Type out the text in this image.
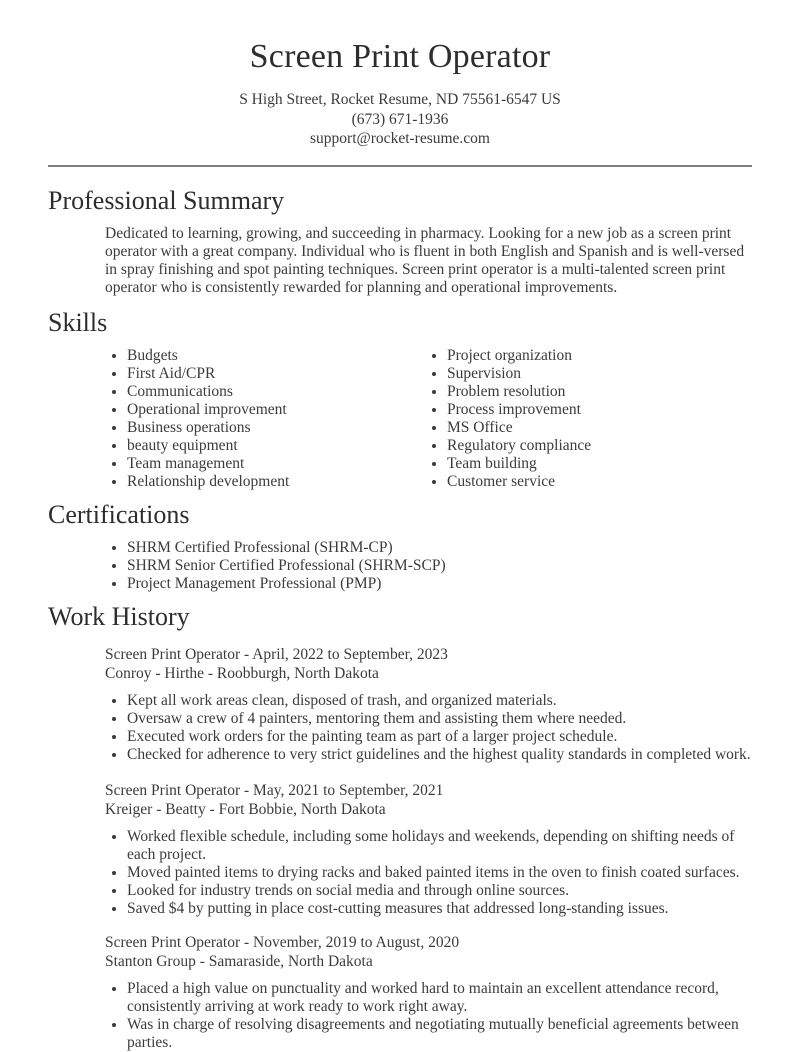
Screen Print Operator
S High Street, Rocket Resume, ND 75561-6547 US
(673) 671-1936
support@rocket-resume.com
Professional Summary

Dedicated to learning, growing, and succeeding in pharmacy. Looking for a new job as a screen print operator with a great company. Individual who is fluent in both English and Spanish and is well-versed in spray finishing and spot painting techniques. Screen print operator is a multi-talented screen print operator who is consistently rewarded for planning and operational improvements.

Skills
• Budgets
• First Aid/CPR
• Communications
• Operational improvement
• Business operations
• beauty equipment
• Team management
• Relationship development
• Project organization
• Supervision
• Problem resolution
• Process improvement
• MS Office
• Regulatory compliance
• Team building
• Customer service
Certifications
• SHRM Certified Professional (SHRM-CP)
• SHRM Senior Certified Professional (SHRM-SCP)
• Project Management Professional (PMP)
Work History
Screen Print Operator - April, 2022 to September, 2023
Conroy - Hirthe - Roobburgh, North Dakota
• Kept all work areas clean, disposed of trash, and organized materials.
• Oversaw a crew of 4 painters, mentoring them and assisting them where needed.
• Executed work orders for the painting team as part of a larger project schedule.
• Checked for adherence to very strict guidelines and the highest quality standards in completed work.
Screen Print Operator - May, 2021 to September, 2021
Kreiger - Beatty - Fort Bobbie, North Dakota
• Worked flexible schedule, including some holidays and weekends, depending on shifting needs of each project.
• Moved painted items to drying racks and baked painted items in the oven to finish coated surfaces.
• Looked for industry trends on social media and through online sources.
• Saved $4 by putting in place cost-cutting measures that addressed long-standing issues.
Screen Print Operator - November, 2019 to August, 2020
Stanton Group - Samaraside, North Dakota
• Placed a high value on punctuality and worked hard to maintain an excellent attendance record, consistently arriving at work ready to work right away.
• Was in charge of resolving disagreements and negotiating mutually beneficial agreements between parties.
